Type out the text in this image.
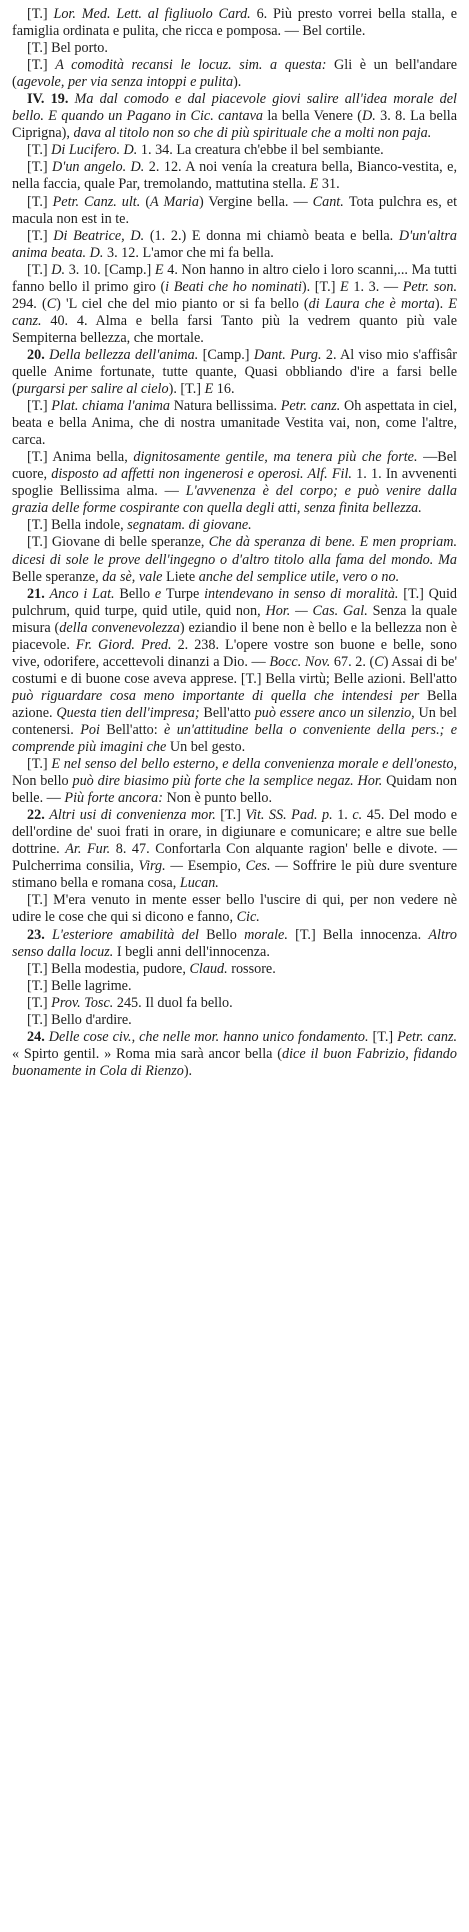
[T.] Lor. Med. Lett. al figliuolo Card. 6. Più presto vorrei bella stalla, e famiglia ordinata e pulita, che ricca e pomposa. — Bel cortile.

[T.] Bel porto.

[T.] A comodità recansi le locuz. sim. a questa: Gli è un bell'andare (agevole, per via senza intoppi e pulita).

IV. 19. Ma dal comodo e dal piacevole giovi salire all'idea morale del bello. E quando un Pagano in Cic. cantava la bella Venere (D. 3. 8. La bella Ciprigna), dava al titolo non so che di più spirituale che a molti non paja.

[T.] Di Lucifero. D. 1. 34. La creatura ch'ebbe il bel sembiante.

[T.] D'un angelo. D. 2. 12. A noi venía la creatura bella, Bianco-vestita, e, nella faccia, quale Par, tremolando, mattutina stella. E 31.

[T.] Petr. Canz. ult. (A Maria) Vergine bella. — Cant. Tota pulchra es, et macula non est in te.

[T.] Di Beatrice, D. (1. 2.) E donna mi chiamò beata e bella. D'un'altra anima beata. D. 3. 12. L'amor che mi fa bella.

[T.] D. 3. 10. [Camp.] E 4. Non hanno in altro cielo i loro scanni,... Ma tutti fanno bello il primo giro (i Beati che ho nominati). [T.] E 1. 3. — Petr. son. 294. (C) 'L ciel che del mio pianto or si fa bello (di Laura che è morta). E canz. 40. 4. Alma e bella farsi Tanto più la vedrem quanto più vale Sempiterna bellezza, che mortale.

20. Della bellezza dell'anima. [Camp.] Dant. Purg. 2. Al viso mio s'affisâr quelle Anime fortunate, tutte quante, Quasi obbliando d'ire a farsi belle (purgarsi per salire al cielo). [T.] E 16.

[T.] Plat. chiama l'anima Natura bellissima. Petr. canz. Oh aspettata in ciel, beata e bella Anima, che di nostra umanitade Vestita vai, non, come l'altre, carca.

[T.] Anima bella, dignitosamente gentile, ma tenera più che forte. —Bel cuore, disposto ad affetti non ingenerosi e operosi. Alf. Fil. 1. 1. In avvenenti spoglie Bellissima alma. — L'avvenenza è del corpo; e può venire dalla grazia delle forme cospirante con quella degli atti, senza finita bellezza.

[T.] Bella indole, segnatam. di giovane.

[T.] Giovane di belle speranze, Che dà speranza di bene. E men propriam. dicesi di sole le prove dell'ingegno o d'altro titolo alla fama del mondo. Ma Belle speranze, da sè, vale Liete anche del semplice utile, vero o no.

21. Anco i Lat. Bello e Turpe intendevano in senso di moralità. [T.] Quid pulchrum, quid turpe, quid utile, quid non, Hor. — Cas. Gal. Senza la quale misura (della convenevolezza) eziandio il bene non è bello e la bellezza non è piacevole. Fr. Giord. Pred. 2. 238. L'opere vostre son buone e belle, sono vive, odorifere, accettevoli dinanzi a Dio. — Bocc. Nov. 67. 2. (C) Assai di be' costumi e di buone cose aveva apprese. [T.] Bella virtù; Belle azioni. Bell'atto può riguardare cosa meno importante di quella che intendesi per Bella azione. Questa tien dell'impresa; Bell'atto può essere anco un silenzio, Un bel contenersi. Poi Bell'atto: è un'attitudine bella o conveniente della pers.; e comprende più imagini che Un bel gesto.

[T.] E nel senso del bello esterno, e della convenienza morale e dell'onesto, Non bello può dire biasimo più forte che la semplice negaz. Hor. Quidam non belle. — Più forte ancora: Non è punto bello.

22. Altri usi di convenienza mor. [T.] Vit. SS. Pad. p. 1. c. 45. Del modo e dell'ordine de' suoi frati in orare, in digiunare e comunicare; e altre sue belle dottrine. Ar. Fur. 8. 47. Confortarla Con alquante ragion' belle e divote. — Pulcherrima consilia, Virg. — Esempio, Ces. — Soffrire le più dure sventure stimano bella e romana cosa, Lucan.

[T.] M'era venuto in mente esser bello l'uscire di qui, per non vedere nè udire le cose che qui si dicono e fanno, Cic.

23. L'esteriore amabilità del Bello morale. [T.] Bella innocenza. Altro senso dalla locuz. I begli anni dell'innocenza.

[T.] Bella modestia, pudore, Claud. rossore.

[T.] Belle lagrime.

[T.] Prov. Tosc. 245. Il duol fa bello.

[T.] Bello d'ardire.

24. Delle cose civ., che nelle mor. hanno unico fondamento. [T.] Petr. canz. « Spirto gentil. » Roma mia sarà ancor bella (dice il buon Fabrizio, fidando buonamente in Cola di Rienzo).
